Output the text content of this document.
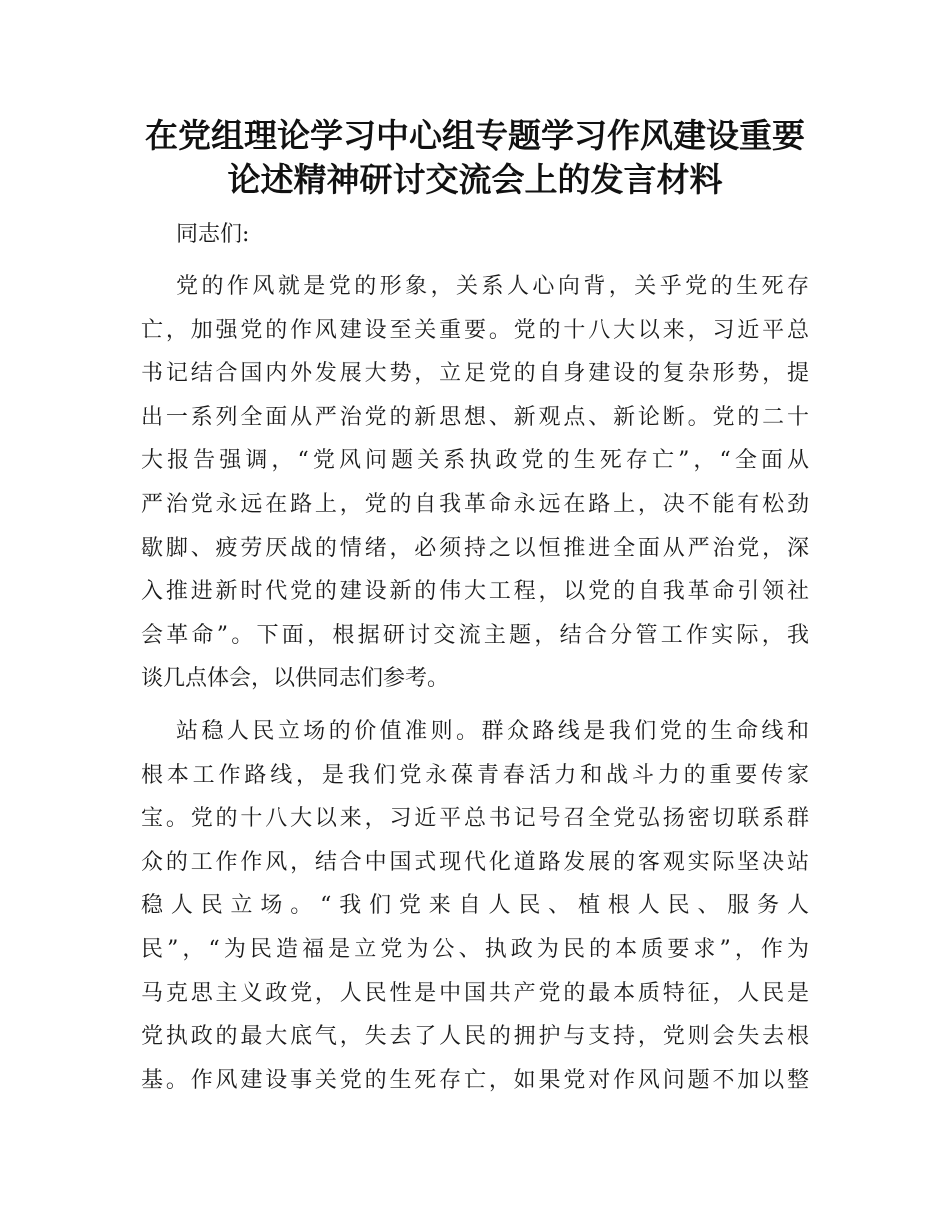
在党组理论学习中心组专题学习作风建设重要
论述精神研讨交流会上的发言材料
同志们:
党的作风就是党的形象，关系人心向背，关乎党的生死存
亡，加强党的作风建设至关重要。党的十八大以来，习近平总
书记结合国内外发展大势，立足党的自身建设的复杂形势，提
出一系列全面从严治党的新思想、新观点、新论断。党的二十
大报告强调，“党风问题关系执政党的生死存亡”，“全面从
严治党永远在路上，党的自我革命永远在路上，决不能有松劲
歇脚、疲劳厌战的情绪，必须持之以恒推进全面从严治党，深
入推进新时代党的建设新的伟大工程，以党的自我革命引领社
会革命”。下面，根据研讨交流主题，结合分管工作实际，我
谈几点体会，以供同志们参考。
站稳人民立场的价值准则。群众路线是我们党的生命线和
根本工作路线，是我们党永葆青春活力和战斗力的重要传家
宝。党的十八大以来，习近平总书记号召全党弘扬密切联系群
众的工作作风，结合中国式现代化道路发展的客观实际坚决站
稳人民立场。“我们党来自人民、植根人民、服务人
民”，“为民造福是立党为公、执政为民的本质要求”，作为
马克思主义政党，人民性是中国共产党的最本质特征，人民是
党执政的最大底气，失去了人民的拥护与支持，党则会失去根
基。作风建设事关党的生死存亡，如果党对作风问题不加以整
